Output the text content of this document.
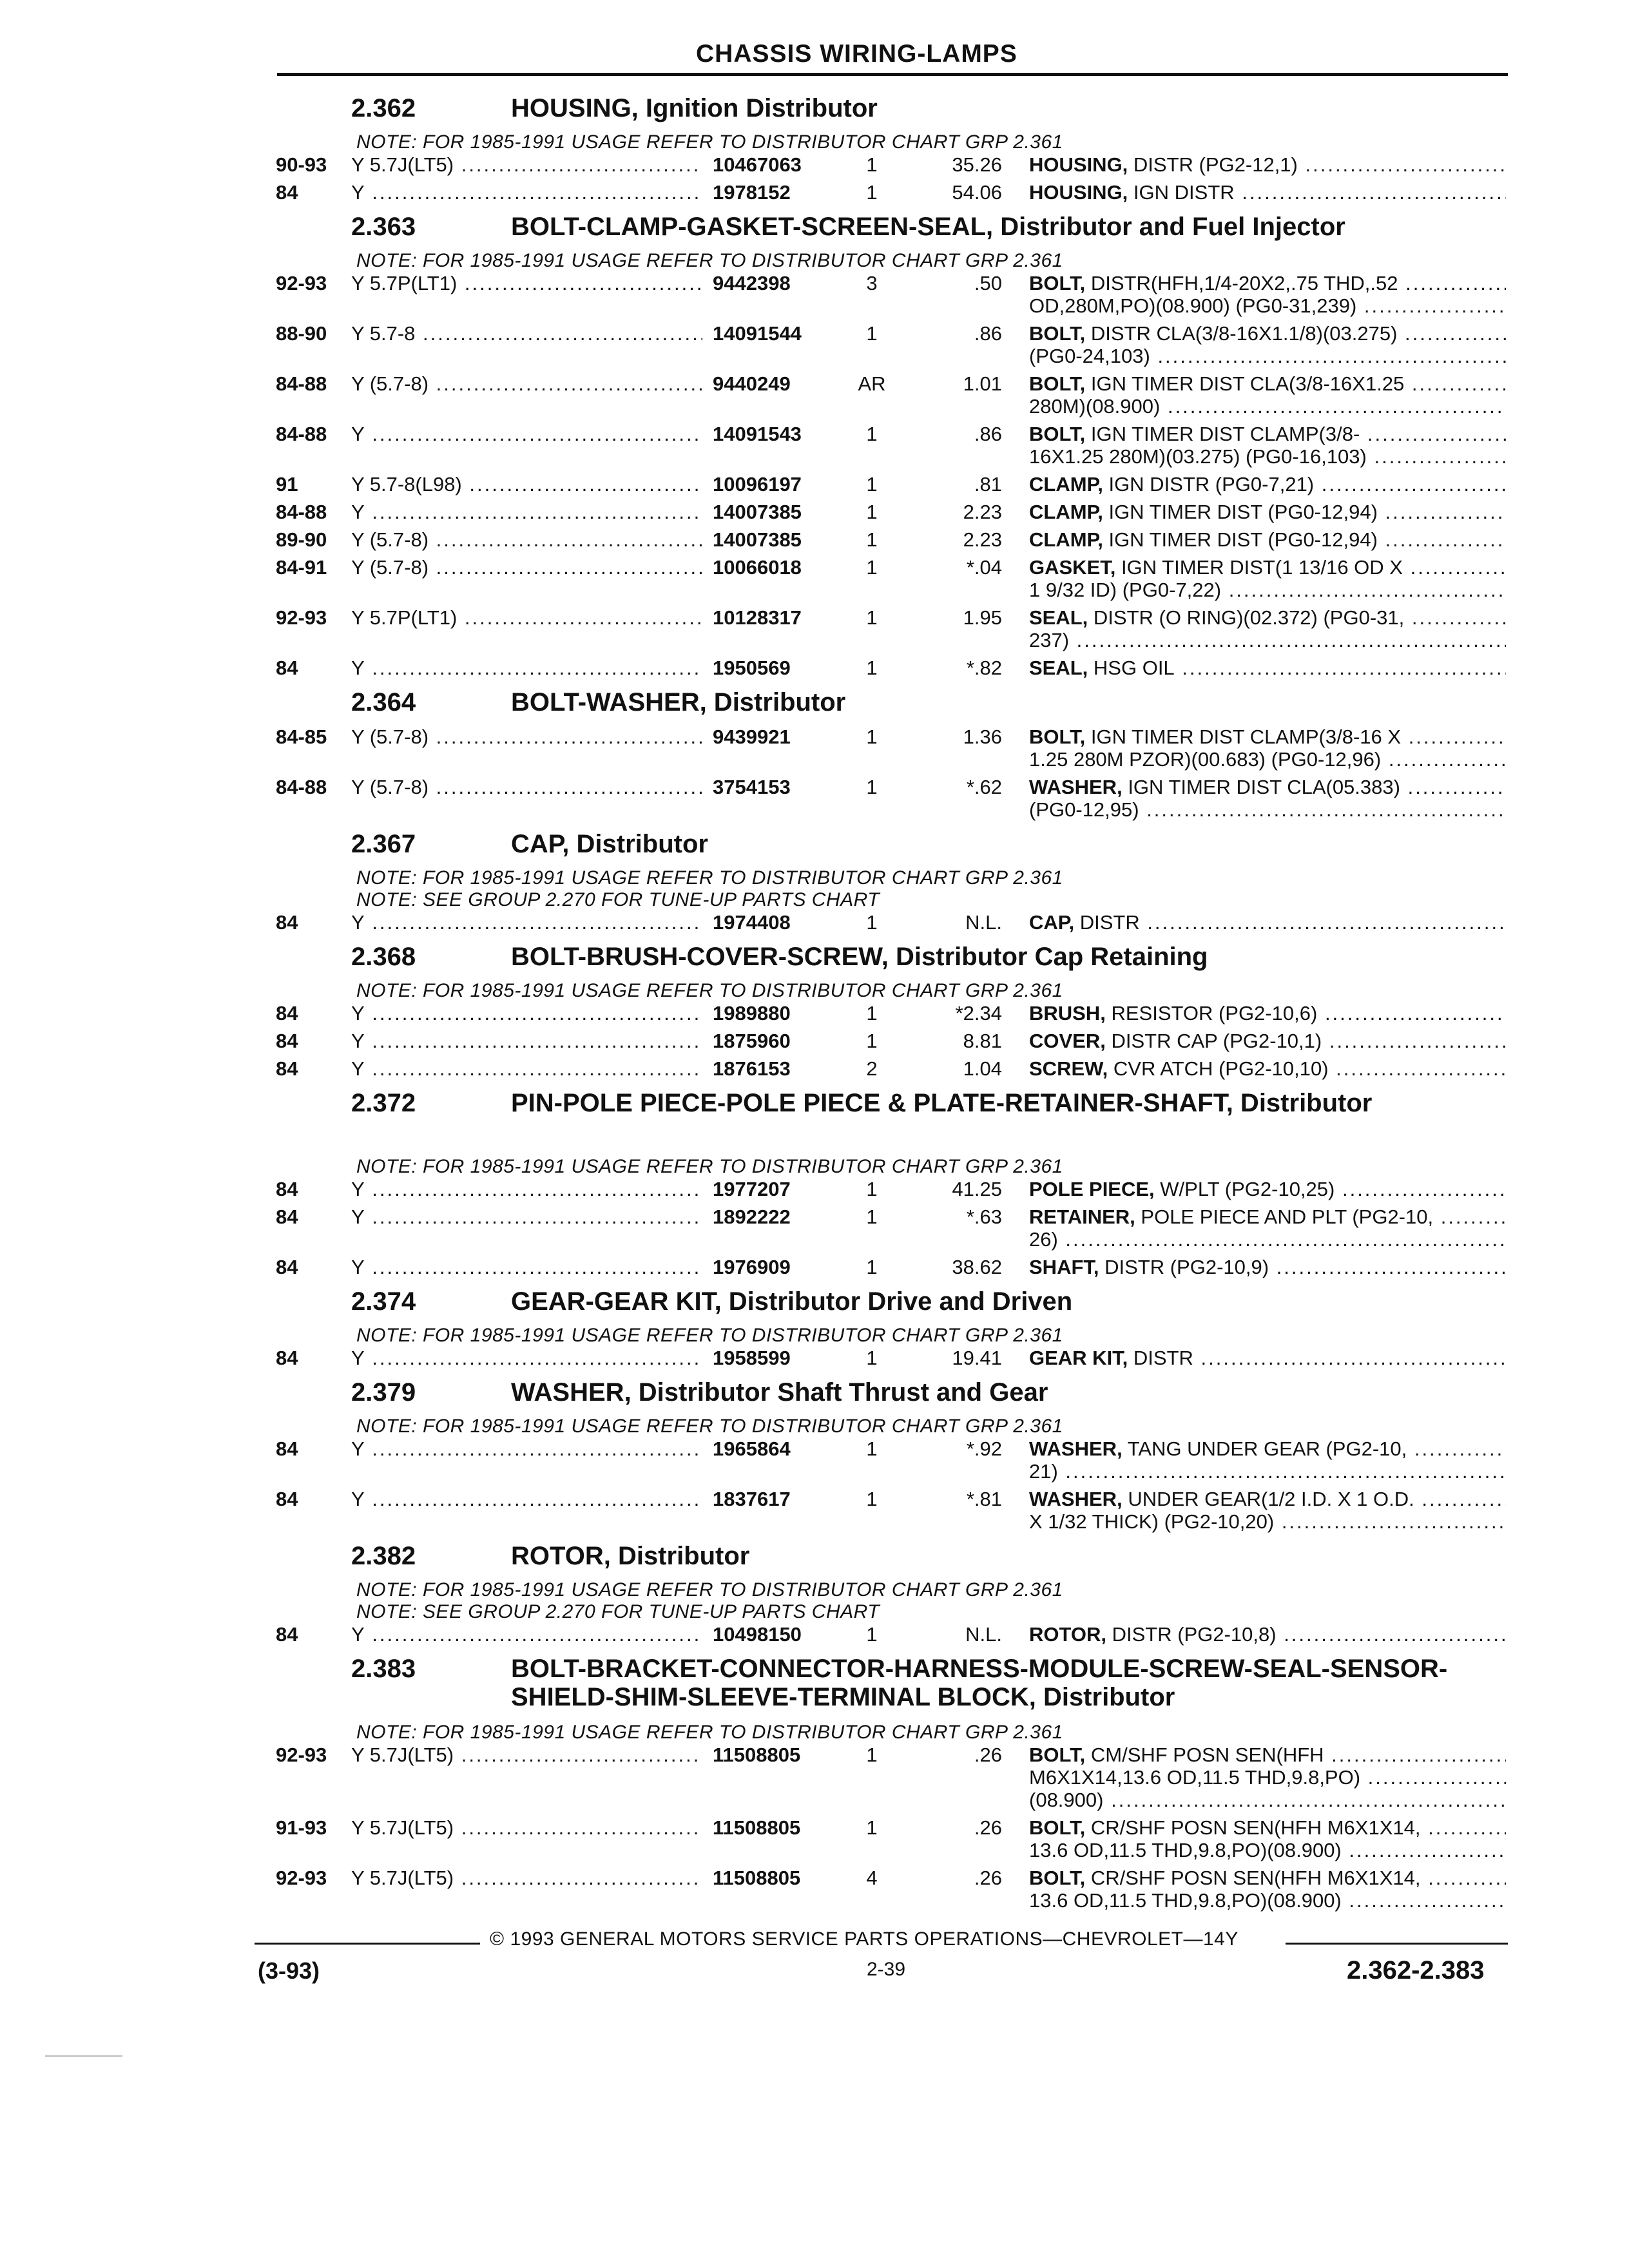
CHASSIS WIRING-LAMPS
2.362	HOUSING, Ignition Distributor
NOTE: FOR 1985-1991 USAGE REFER TO DISTRIBUTOR CHART GRP 2.361
90-93 Y 5.7J(LT5) .....	10467063	1	35.26 HOUSING, DISTR (PG2-12,1) .....
84	Y .....	1978152	1	54.06 HOUSING, IGN DISTR .....
2.363	BOLT-CLAMP-GASKET-SCREEN-SEAL, Distributor and Fuel Injector
NOTE: FOR 1985-1991 USAGE REFER TO DISTRIBUTOR CHART GRP 2.361
92-93 Y 5.7P(LT1) .....	9442398	3	.50 BOLT, DISTR(HFH,1/4-20X2,.75 THD,.52 .....
OD,280M,PO)(08.900) (PG0-31,239) .....
88-90 Y 5.7-8 .....	14091544	1	.86 BOLT, DISTR CLA(3/8-16X1.1/8)(03.275) .....
(PG0-24,103) .....
84-88 Y (5.7-8) .....	9440249	AR	1.01 BOLT, IGN TIMER DIST CLA(3/8-16X1.25 .....
280M)(08.900) .....
84-88 Y .....	14091543	1	.86 BOLT, IGN TIMER DIST CLAMP(3/8- .....
16X1.25 280M)(03.275) (PG0-16,103) .....
91	Y 5.7-8(L98) .....	10096197	1	.81 CLAMP, IGN DISTR (PG0-7,21) .....
84-88 Y .....	14007385	1	2.23 CLAMP, IGN TIMER DIST (PG0-12,94) .....
89-90 Y (5.7-8) .....	14007385	1	2.23 CLAMP, IGN TIMER DIST (PG0-12,94) .....
84-91 Y (5.7-8) .....	10066018	1	*.04 GASKET, IGN TIMER DIST(1 13/16 OD X .....
1 9/32 ID) (PG0-7,22) .....
92-93 Y 5.7P(LT1) .....	10128317	1	1.95 SEAL, DISTR (O RING)(02.372) (PG0-31, .....
237) .....
84	Y .....	1950569	1	*.82 SEAL, HSG OIL .....
2.364	BOLT-WASHER, Distributor
84-85 Y (5.7-8) .....	9439921	1	1.36 BOLT, IGN TIMER DIST CLAMP(3/8-16 X .....
1.25 280M PZOR)(00.683) (PG0-12,96) .....
84-88 Y (5.7-8) .....	3754153	1	*.62 WASHER, IGN TIMER DIST CLA(05.383) .....
(PG0-12,95) .....
2.367	CAP, Distributor
NOTE: FOR 1985-1991 USAGE REFER TO DISTRIBUTOR CHART GRP 2.361
NOTE: SEE GROUP 2.270 FOR TUNE-UP PARTS CHART
84	Y .....	1974408	1	N.L. CAP, DISTR .....
2.368	BOLT-BRUSH-COVER-SCREW, Distributor Cap Retaining
NOTE: FOR 1985-1991 USAGE REFER TO DISTRIBUTOR CHART GRP 2.361
84	Y .....	1989880	1	*2.34 BRUSH, RESISTOR (PG2-10,6) .....
84	Y .....	1875960	1	8.81 COVER, DISTR CAP (PG2-10,1) .....
84	Y .....	1876153	2	1.04 SCREW, CVR ATCH (PG2-10,10) .....
2.372	PIN-POLE PIECE-POLE PIECE & PLATE-RETAINER-SHAFT, Distributor
NOTE: FOR 1985-1991 USAGE REFER TO DISTRIBUTOR CHART GRP 2.361
84	Y .....	1977207	1	41.25 POLE PIECE, W/PLT (PG2-10,25) .....
84	Y .....	1892222	1	*.63 RETAINER, POLE PIECE AND PLT (PG2-10, .....
26) .....
84	Y .....	1976909	1	38.62 SHAFT, DISTR (PG2-10,9) .....
2.374	GEAR-GEAR KIT, Distributor Drive and Driven
NOTE: FOR 1985-1991 USAGE REFER TO DISTRIBUTOR CHART GRP 2.361
84	Y .....	1958599	1	19.41 GEAR KIT, DISTR .....
2.379	WASHER, Distributor Shaft Thrust and Gear
NOTE: FOR 1985-1991 USAGE REFER TO DISTRIBUTOR CHART GRP 2.361
84	Y .....	1965864	1	*.92 WASHER, TANG UNDER GEAR (PG2-10, .....
21) .....
84	Y .....	1837617	1	*.81 WASHER, UNDER GEAR(1/2 I.D. X 1 O.D. .....
X 1/32 THICK) (PG2-10,20) .....
2.382	ROTOR, Distributor
NOTE: FOR 1985-1991 USAGE REFER TO DISTRIBUTOR CHART GRP 2.361
NOTE: SEE GROUP 2.270 FOR TUNE-UP PARTS CHART
84	Y .....	10498150	1	N.L. ROTOR, DISTR (PG2-10,8) .....
2.383	BOLT-BRACKET-CONNECTOR-HARNESS-MODULE-SCREW-SEAL-SENSOR-SHIELD-SHIM-SLEEVE-TERMINAL BLOCK, Distributor
NOTE: FOR 1985-1991 USAGE REFER TO DISTRIBUTOR CHART GRP 2.361
92-93 Y 5.7J(LT5) .....	11508805	1	.26 BOLT, CM/SHF POSN SEN(HFH .....
M6X1X14,13.6 OD,11.5 THD,9.8,PO) .....
(08.900) .....
91-93 Y 5.7J(LT5) .....	11508805	1	.26 BOLT, CR/SHF POSN SEN(HFH M6X1X14, .....
13.6 OD,11.5 THD,9.8,PO)(08.900) .....
92-93 Y 5.7J(LT5) .....	11508805	4	.26 BOLT, CR/SHF POSN SEN(HFH M6X1X14, .....
13.6 OD,11.5 THD,9.8,PO)(08.900) .....
© 1993 GENERAL MOTORS SERVICE PARTS OPERATIONS—CHEVROLET—14Y
(3-93)	2-39	2.362-2.383
